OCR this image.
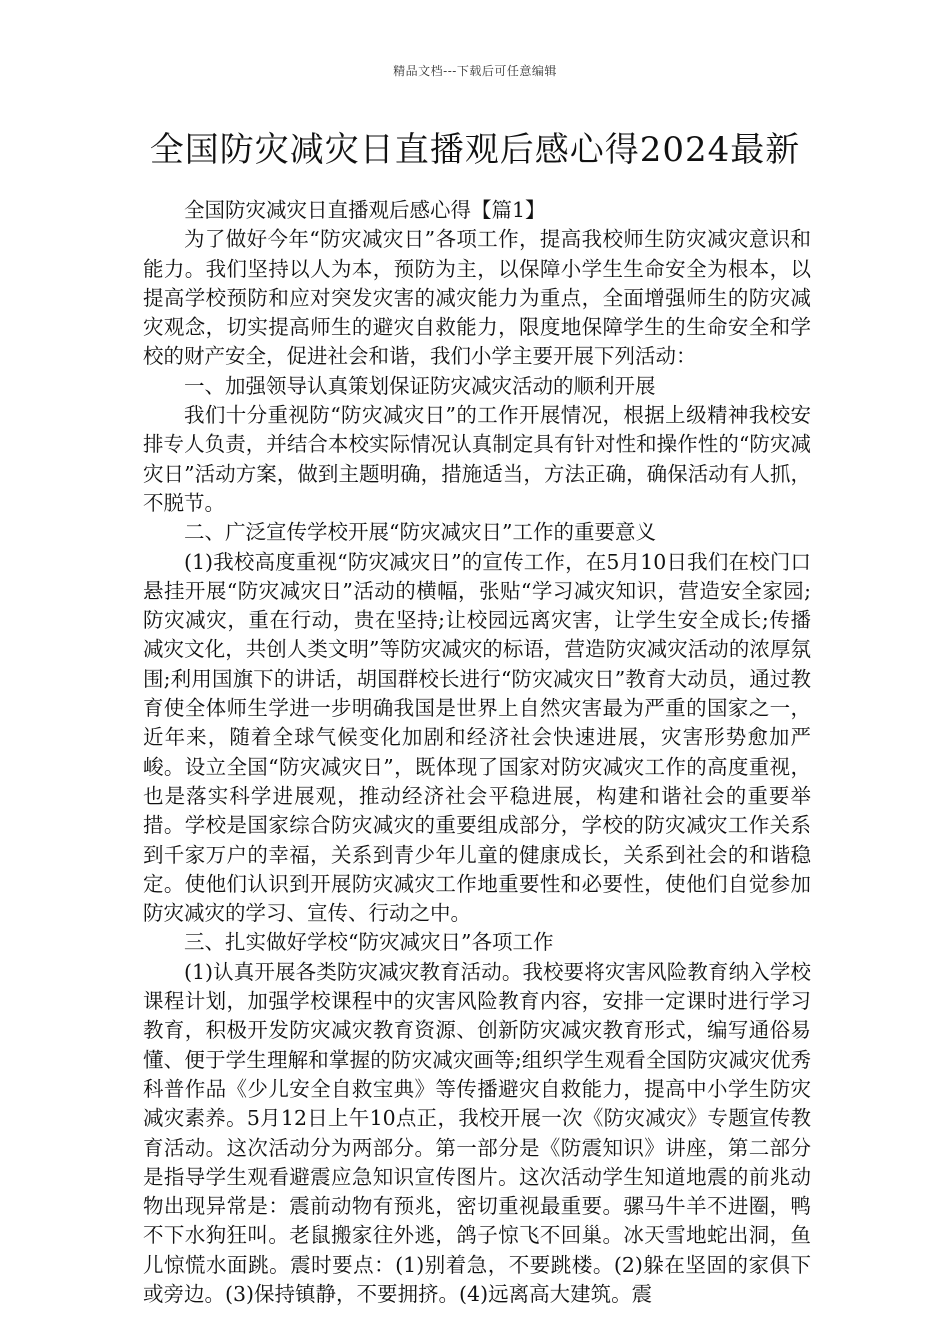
精品文档---下载后可任意编辑
全国防灾减灾日直播观后感心得2024最新

全国防灾减灾日直播观后感心得【篇1】

为了做好今年“防灾减灾日”各项工作，提高我校师生防灾减灾意识和能力。我们坚持以人为本，预防为主，以保障小学生生命安全为根本，以提高学校预防和应对突发灾害的减灾能力为重点，全面增强师生的防灾减灾观念，切实提高师生的避灾自救能力，限度地保障学生的生命安全和学校的财产安全，促进社会和谐，我们小学主要开展下列活动：

一、加强领导认真策划保证防灾减灾活动的顺利开展

我们十分重视防“防灾减灾日”的工作开展情况，根据上级精神我校安排专人负责，并结合本校实际情况认真制定具有针对性和操作性的“防灾减灾日”活动方案，做到主题明确，措施适当，方法正确，确保活动有人抓，不脱节。

二、广泛宣传学校开展“防灾减灾日”工作的重要意义

(1)我校高度重视“防灾减灾日”的宣传工作，在5月10日我们在校门口悬挂开展“防灾减灾日”活动的横幅，张贴“学习减灾知识，营造安全家园;防灾减灾，重在行动，贵在坚持;让校园远离灾害，让学生安全成长;传播减灾文化，共创人类文明”等防灾减灾的标语，营造防灾减灾活动的浓厚氛围;利用国旗下的讲话，胡国群校长进行“防灾减灾日”教育大动员，通过教育使全体师生学进一步明确我国是世界上自然灾害最为严重的国家之一，近年来，随着全球气候变化加剧和经济社会快速进展，灾害形势愈加严峻。设立全国“防灾减灾日”，既体现了国家对防灾减灾工作的高度重视，也是落实科学进展观，推动经济社会平稳进展，构建和谐社会的重要举措。学校是国家综合防灾减灾的重要组成部分，学校的防灾减灾工作关系到千家万户的幸福，关系到青少年儿童的健康成长，关系到社会的和谐稳定。使他们认识到开展防灾减灾工作地重要性和必要性，使他们自觉参加防灾减灾的学习、宣传、行动之中。

三、扎实做好学校“防灾减灾日”各项工作

(1)认真开展各类防灾减灾教育活动。我校要将灾害风险教育纳入学校课程计划，加强学校课程中的灾害风险教育内容，安排一定课时进行学习教育，积极开发防灾减灾教育资源、创新防灾减灾教育形式，编写通俗易懂、便于学生理解和掌握的防灾减灾画等;组织学生观看全国防灾减灾优秀科普作品《少儿安全自救宝典》等传播避灾自救能力，提高中小学生防灾减灾素养。5月12日上午10点正，我校开展一次《防灾减灾》专题宣传教育活动。这次活动分为两部分。第一部分是《防震知识》讲座，第二部分是指导学生观看避震应急知识宣传图片。这次活动学生知道地震的前兆动物出现异常是：震前动物有预兆，密切重视最重要。骡马牛羊不进圈，鸭不下水狗狂叫。老鼠搬家往外逃，鸽子惊飞不回巢。冰天雪地蛇出洞，鱼儿惊慌水面跳。震时要点：(1)别着急，不要跳楼。(2)躲在坚固的家俱下或旁边。(3)保持镇静，不要拥挤。(4)远离高大建筑。震
